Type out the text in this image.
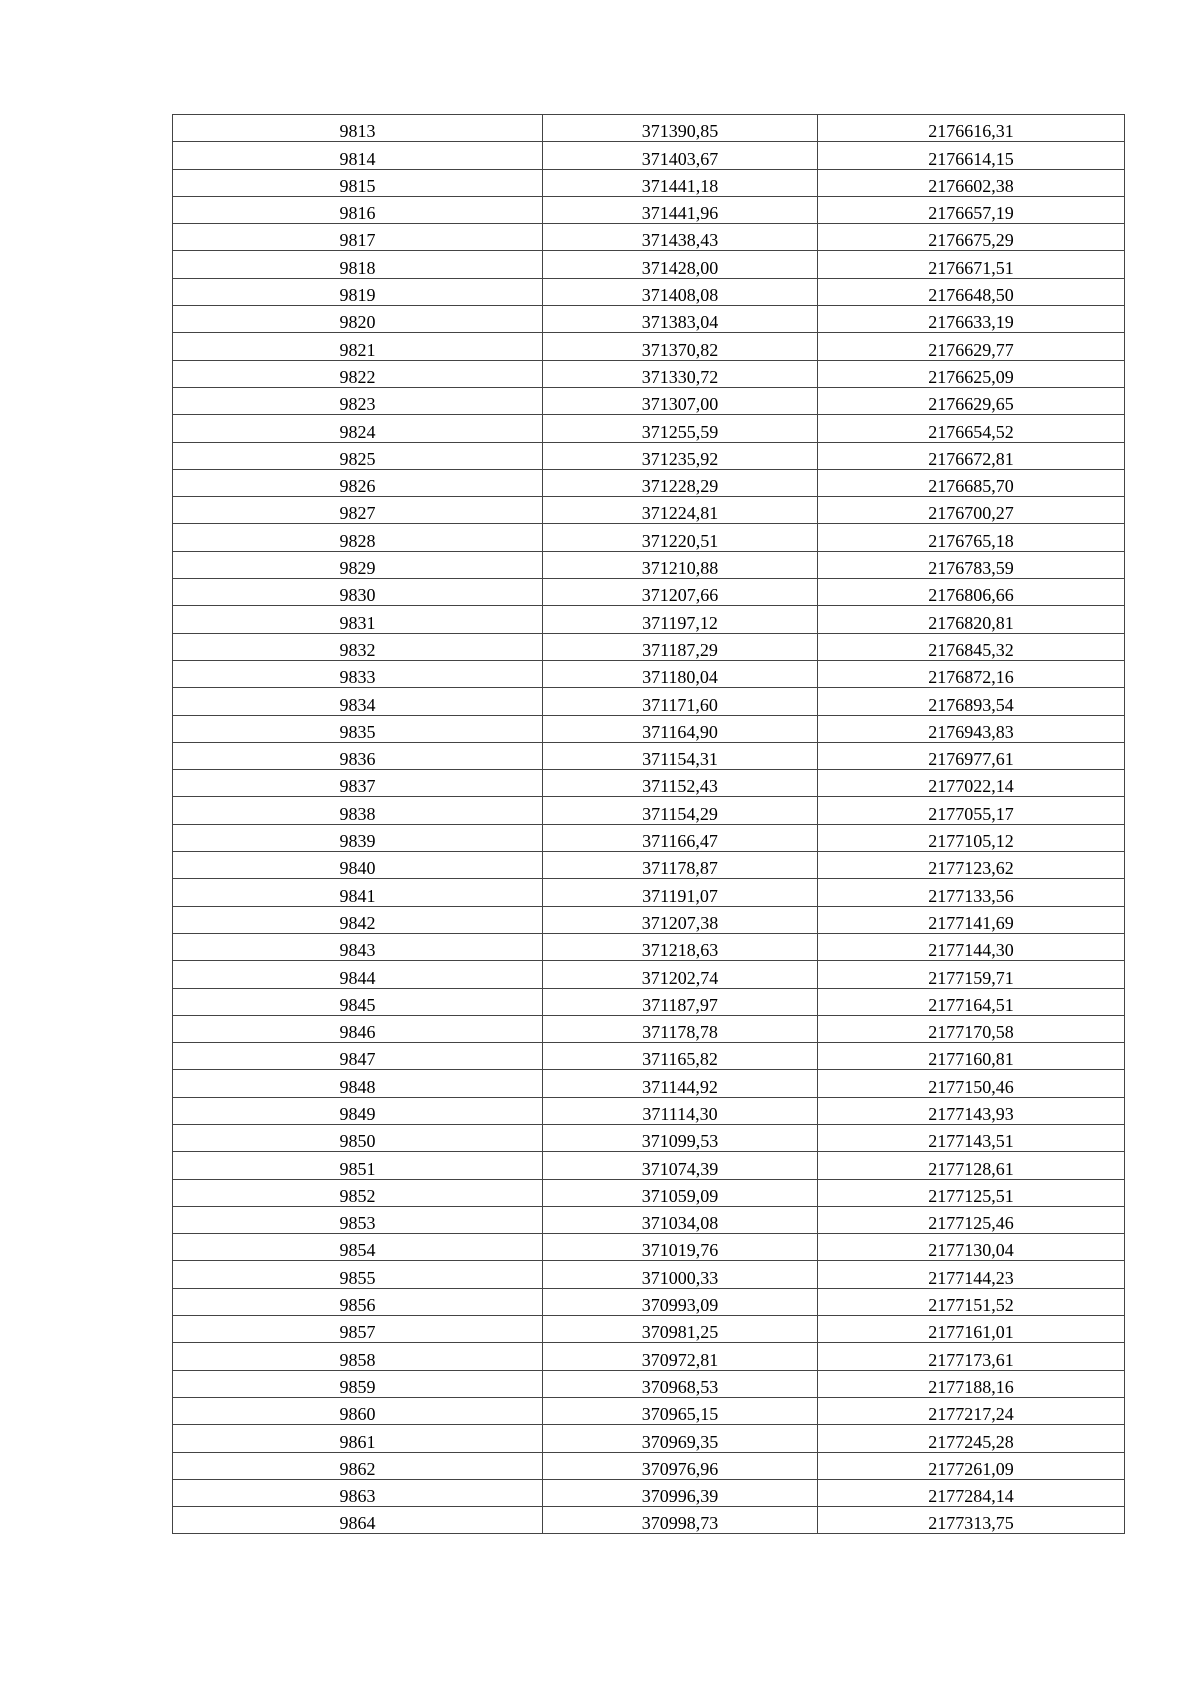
9813	371390,85	2176616,31
9814	371403,67	2176614,15
9815	371441,18	2176602,38
9816	371441,96	2176657,19
9817	371438,43	2176675,29
9818	371428,00	2176671,51
9819	371408,08	2176648,50
9820	371383,04	2176633,19
9821	371370,82	2176629,77
9822	371330,72	2176625,09
9823	371307,00	2176629,65
9824	371255,59	2176654,52
9825	371235,92	2176672,81
9826	371228,29	2176685,70
9827	371224,81	2176700,27
9828	371220,51	2176765,18
9829	371210,88	2176783,59
9830	371207,66	2176806,66
9831	371197,12	2176820,81
9832	371187,29	2176845,32
9833	371180,04	2176872,16
9834	371171,60	2176893,54
9835	371164,90	2176943,83
9836	371154,31	2176977,61
9837	371152,43	2177022,14
9838	371154,29	2177055,17
9839	371166,47	2177105,12
9840	371178,87	2177123,62
9841	371191,07	2177133,56
9842	371207,38	2177141,69
9843	371218,63	2177144,30
9844	371202,74	2177159,71
9845	371187,97	2177164,51
9846	371178,78	2177170,58
9847	371165,82	2177160,81
9848	371144,92	2177150,46
9849	371114,30	2177143,93
9850	371099,53	2177143,51
9851	371074,39	2177128,61
9852	371059,09	2177125,51
9853	371034,08	2177125,46
9854	371019,76	2177130,04
9855	371000,33	2177144,23
9856	370993,09	2177151,52
9857	370981,25	2177161,01
9858	370972,81	2177173,61
9859	370968,53	2177188,16
9860	370965,15	2177217,24
9861	370969,35	2177245,28
9862	370976,96	2177261,09
9863	370996,39	2177284,14
9864	370998,73	2177313,75
